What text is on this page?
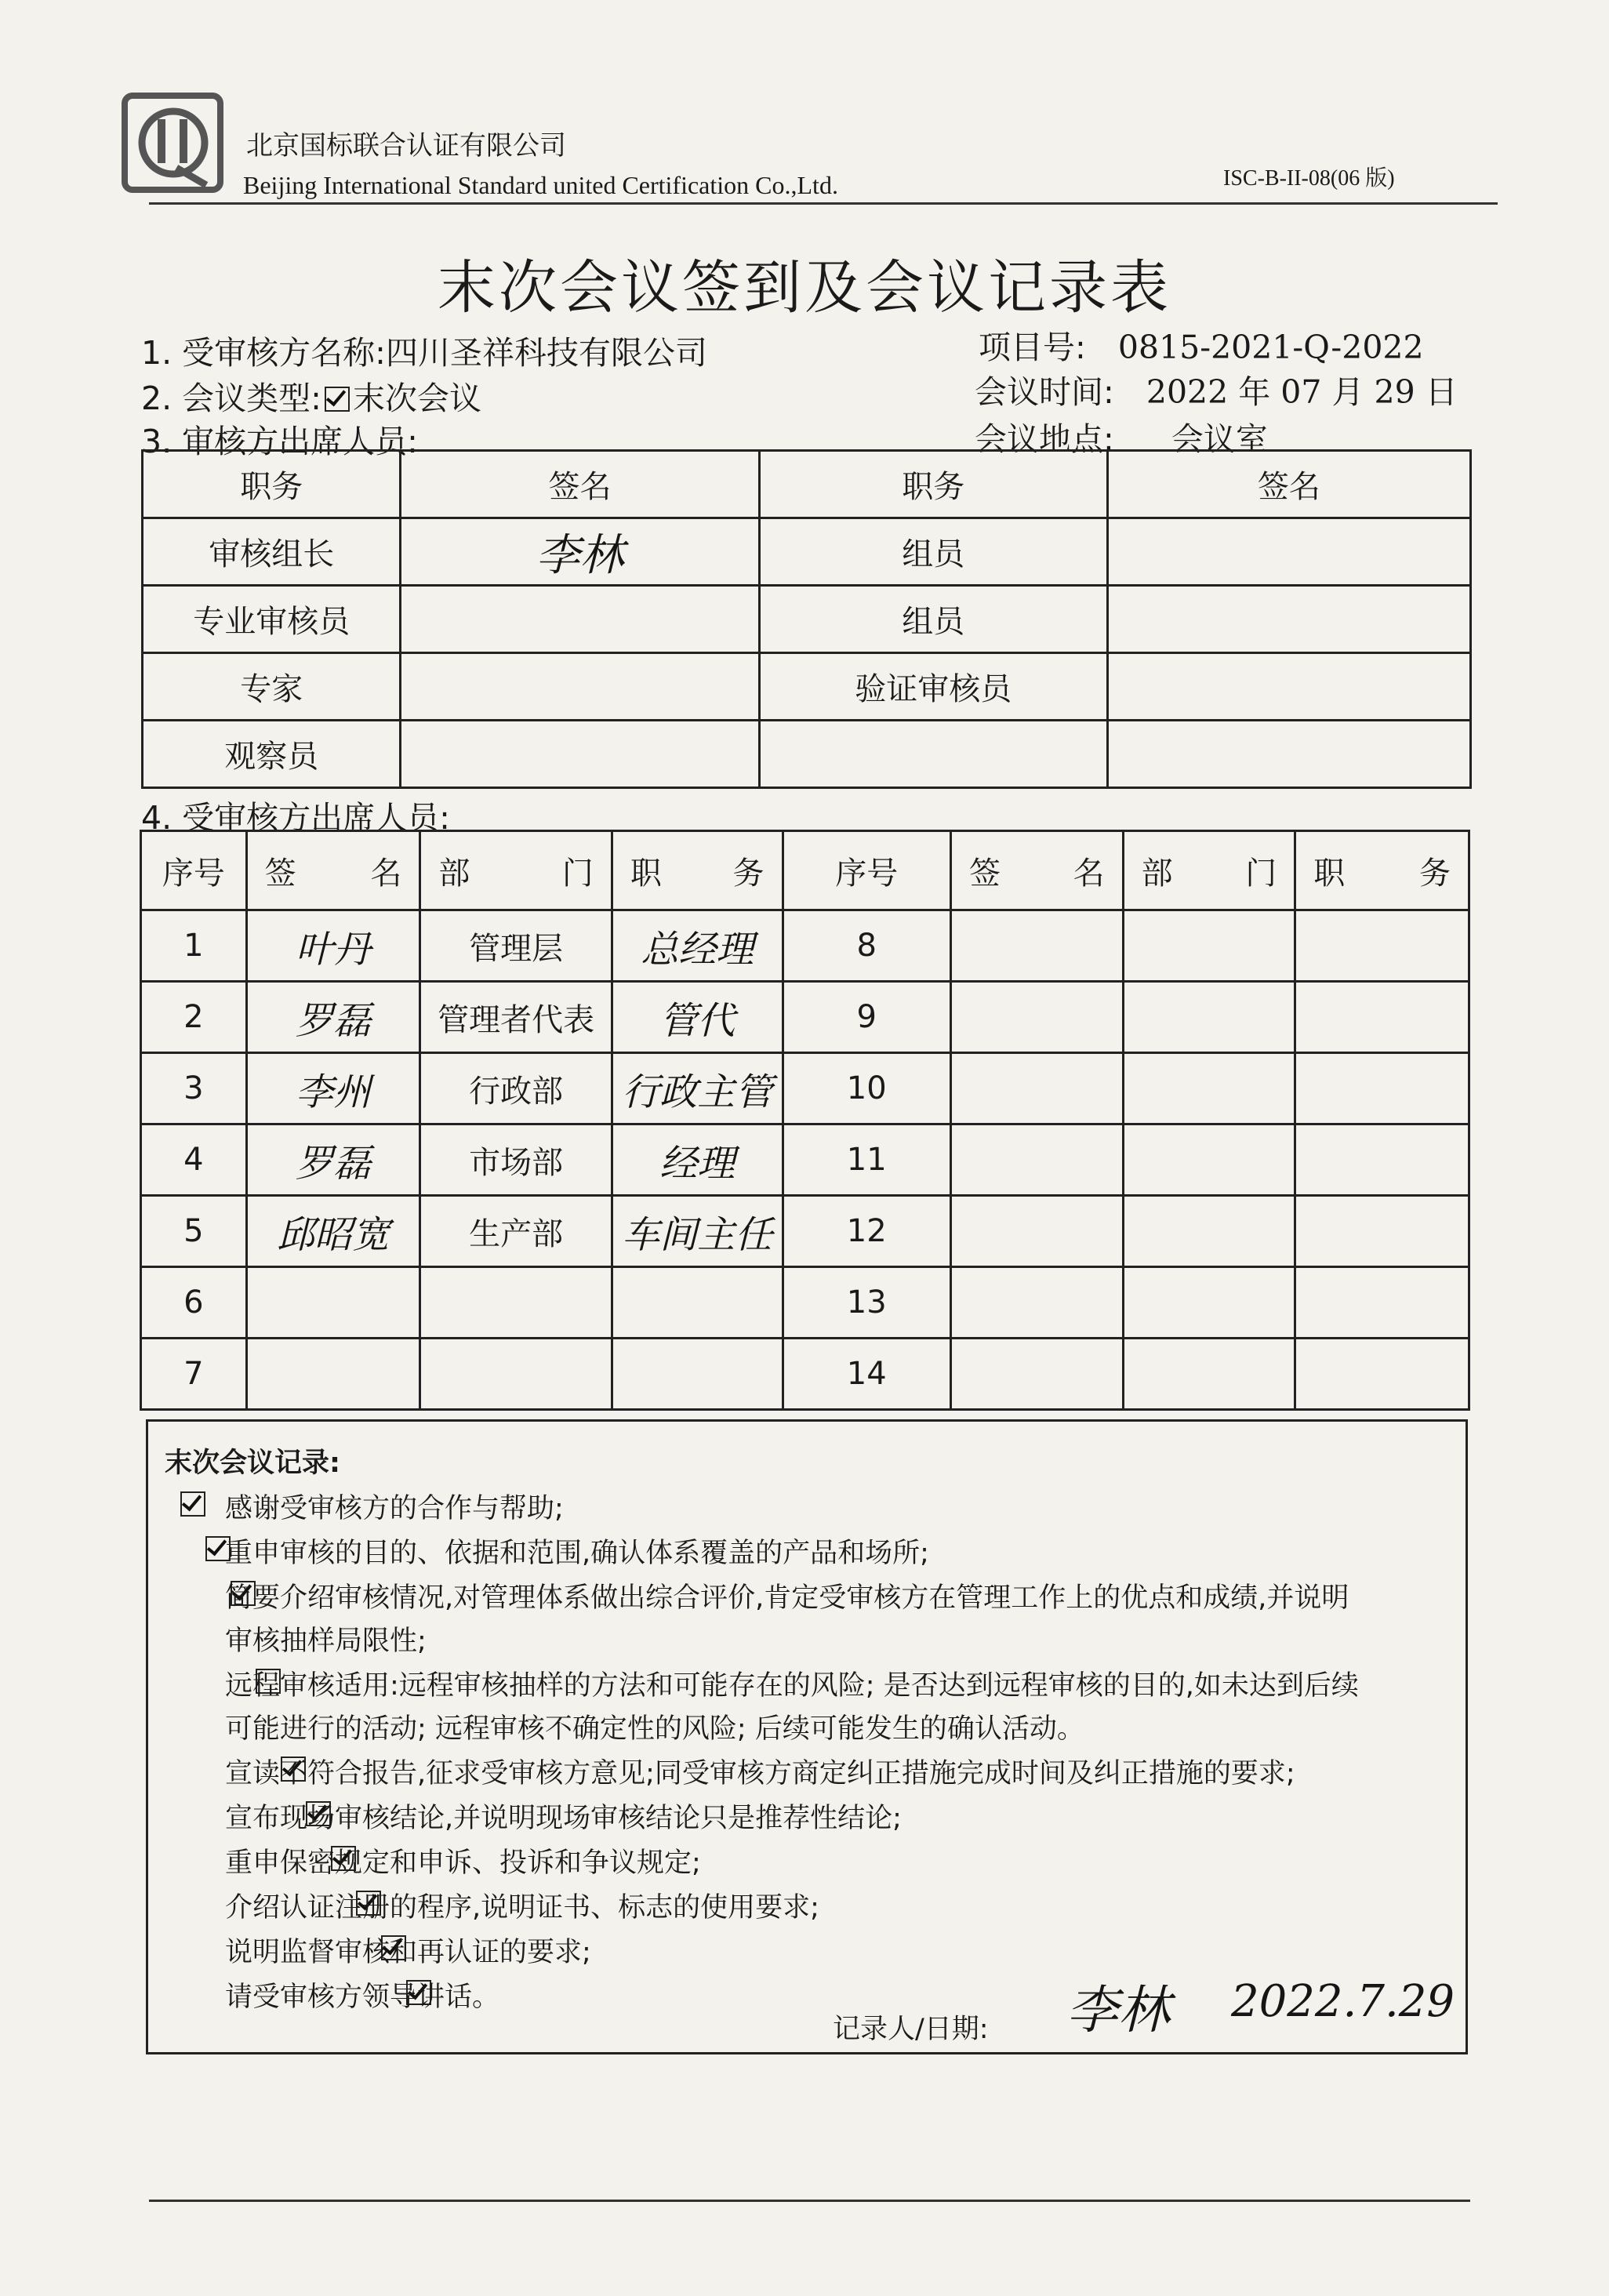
北京国标联合认证有限公司
Beijing International Standard united Certification Co.,Ltd.	ISC-B-II-08(06 版)
末次会议签到及会议记录表
1. 受审核方名称:四川圣祥科技有限公司	项目号: 0815-2021-Q-2022
2. 会议类型: 末次会议	会议时间: 2022 年 07 月 29 日
3. 审核方出席人员:	会议地点: 会议室
职务	签名	职务	签名
审核组长	李林	组员	
专业审核员		组员	
专家		验证审核员	
观察员			
4. 受审核方出席人员:
序号	签 名	部 门	职 务	序号	签 名	部 门	职 务

1	叶丹	管理层	总经理	8			
2	罗磊	管理者代表	管代	9			
3	李州	行政部	行政主管	10			
4	罗磊	市场部	经理	11			
5	邱昭宽	生产部	车间主任	12			
6				13			
7				14			
末次会议记录:
感谢受审核方的合作与帮助;
重申审核的目的、依据和范围,确认体系覆盖的产品和场所;
简要介绍审核情况,对管理体系做出综合评价,肯定受审核方在管理工作上的优点和成绩,并说明
审核抽样局限性;
远程审核适用:远程审核抽样的方法和可能存在的风险; 是否达到远程审核的目的,如未达到后续
可能进行的活动; 远程审核不确定性的风险; 后续可能发生的确认活动。
宣读不符合报告,征求受审核方意见;同受审核方商定纠正措施完成时间及纠正措施的要求;
宣布现场审核结论,并说明现场审核结论只是推荐性结论;
重申保密规定和申诉、投诉和争议规定;
介绍认证注册的程序,说明证书、标志的使用要求;
说明监督审核和再认证的要求;
请受审核方领导讲话。
记录人/日期: 李林 2022.7.29
